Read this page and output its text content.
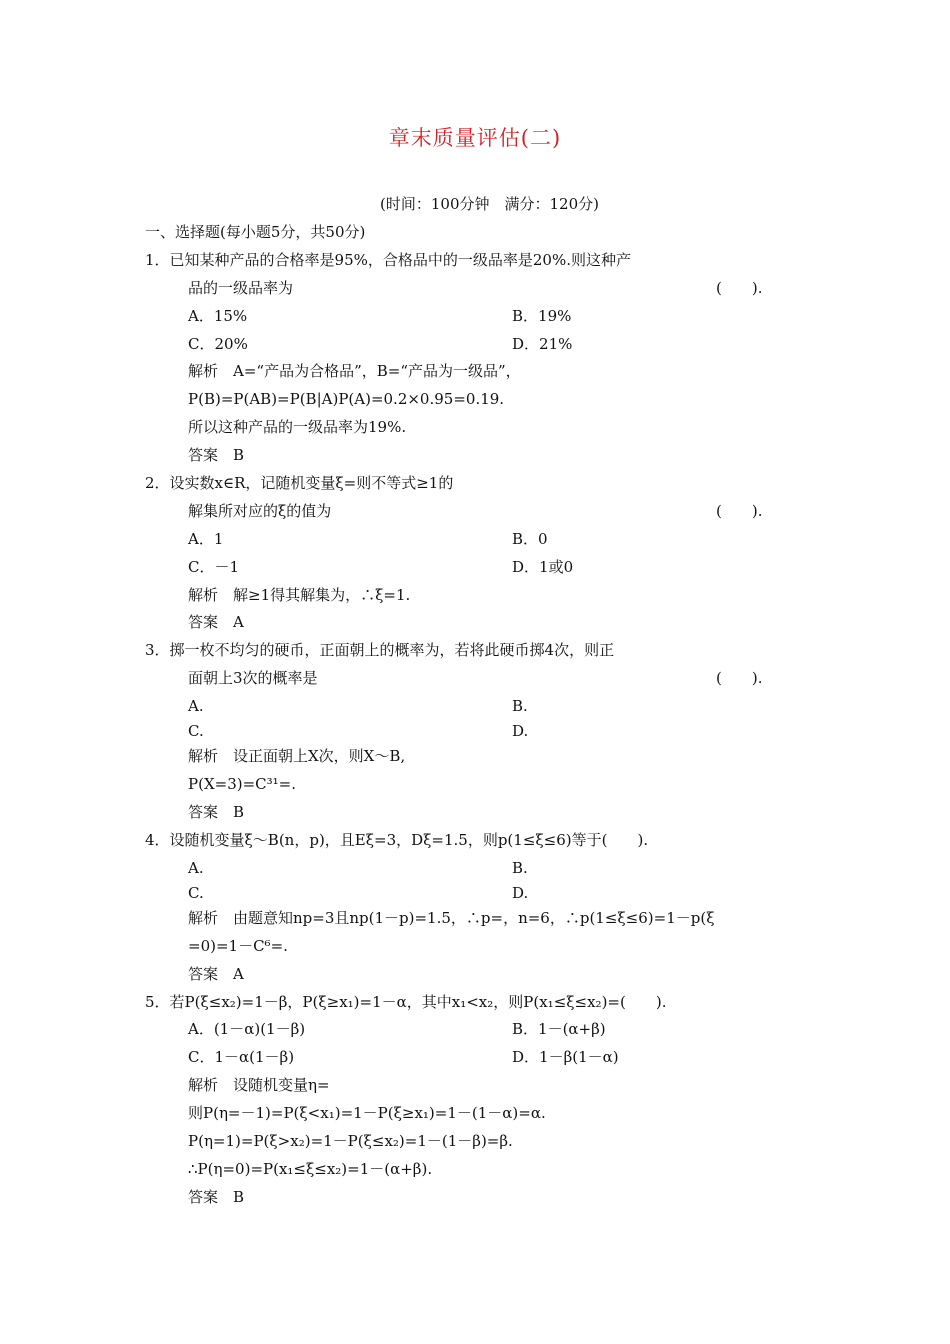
章末质量评估(二)
(时间：100分钟　满分：120分)
一、选择题(每小题5分，共50分)
1．已知某种产品的合格率是95%，合格品中的一级品率是20%.则这种产
品的一级品率为	(　　).
A．15%	B．19%
C．20%	D．21%
解析　A=“产品为合格品”，B=“产品为一级品”，
P(B)=P(AB)=P(B|A)P(A)=0.2×0.95=0.19.
所以这种产品的一级品率为19%.
答案　B
2．设实数x∈R，记随机变量ξ=则不等式≥1的
解集所对应的ξ的值为	(　　).
A．1	B．0
C．－1	D．1或0
解析　解≥1得其解集为，∴ξ=1.
答案　A
3．掷一枚不均匀的硬币，正面朝上的概率为，若将此硬币掷4次，则正
面朝上3次的概率是	(　　).
A.	B.
C.	D.
解析　设正面朝上X次，则X～B,
P(X=3)=C³¹=.
答案　B
4．设随机变量ξ～B(n，p)，且Eξ=3，Dξ=1.5，则p(1≤ξ≤6)等于(　　).
A.	B.
C.	D.
解析　由题意知np=3且np(1－p)=1.5，∴p=，n=6，∴p(1≤ξ≤6)=1－p(ξ
=0)=1－C⁶=.
答案　A
5．若P(ξ≤x₂)=1－β，P(ξ≥x₁)=1－α，其中x₁<x₂，则P(x₁≤ξ≤x₂)=(　　).
A．(1－α)(1－β)	B．1－(α+β)
C．1－α(1－β)	D．1－β(1－α)
解析　设随机变量η=
则P(η=－1)=P(ξ<x₁)=1－P(ξ≥x₁)=1－(1－α)=α.
P(η=1)=P(ξ>x₂)=1－P(ξ≤x₂)=1－(1－β)=β.
∴P(η=0)=P(x₁≤ξ≤x₂)=1－(α+β).
答案　B
